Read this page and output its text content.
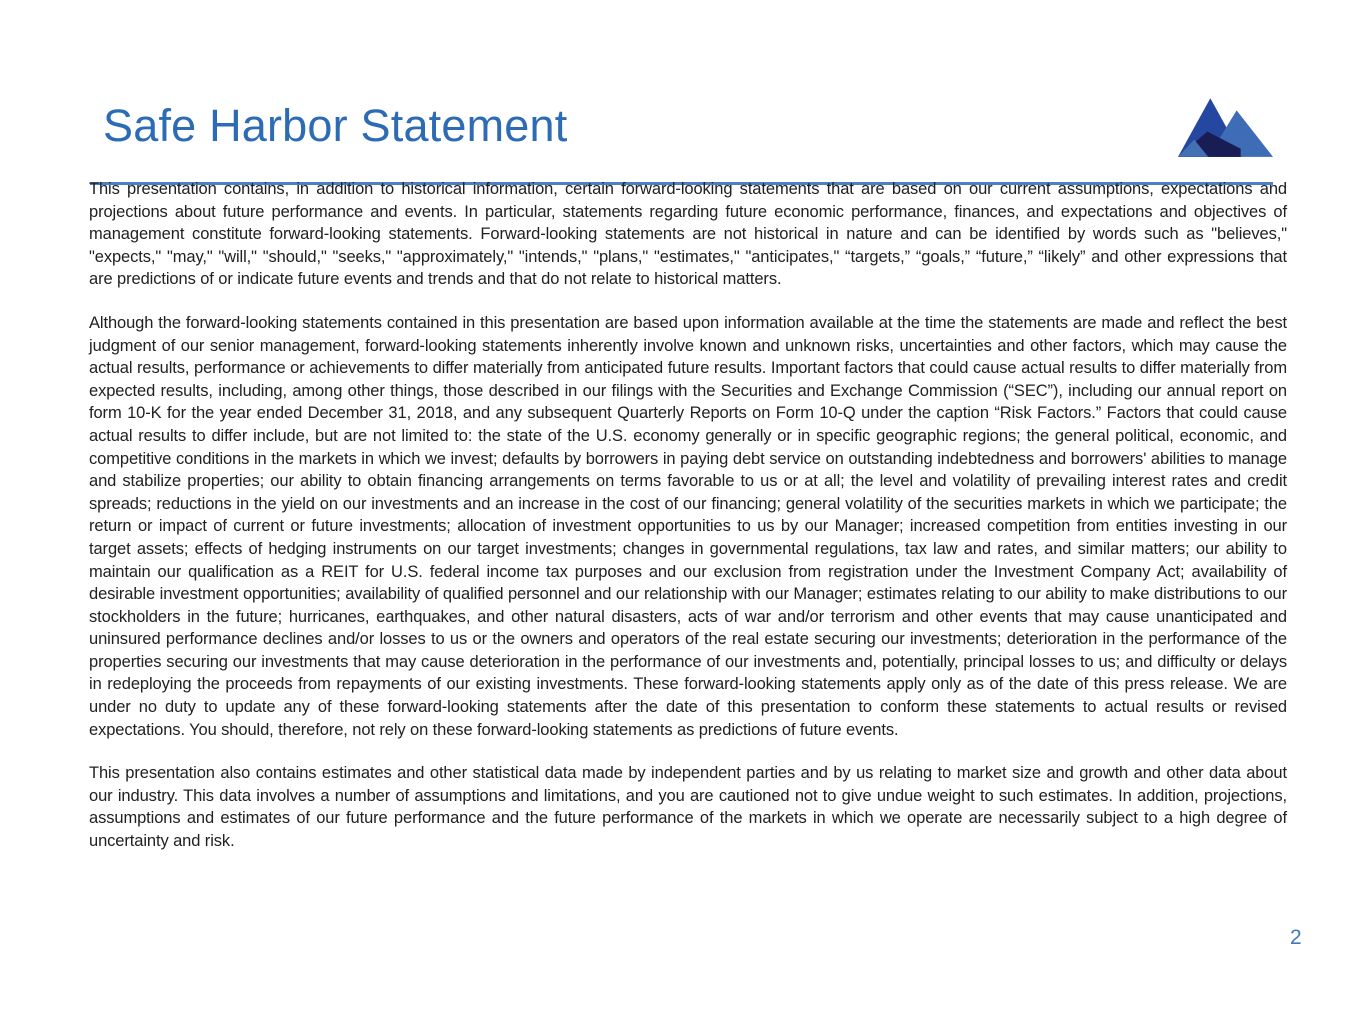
Safe Harbor Statement

This presentation contains, in addition to historical information, certain forward-looking statements that are based on our current assumptions, expectations and projections about future performance and events. In particular, statements regarding future economic performance, finances, and expectations and objectives of management constitute forward-looking statements. Forward-looking statements are not historical in nature and can be identified by words such as "believes," "expects," "may," "will," "should," "seeks," "approximately," "intends," "plans," "estimates," "anticipates," “targets,” “goals,” “future,” “likely” and other expressions that are predictions of or indicate future events and trends and that do not relate to historical matters.

Although the forward-looking statements contained in this presentation are based upon information available at the time the statements are made and reflect the best judgment of our senior management, forward-looking statements inherently involve known and unknown risks, uncertainties and other factors, which may cause the actual results, performance or achievements to differ materially from anticipated future results. Important factors that could cause actual results to differ materially from expected results, including, among other things, those described in our filings with the Securities and Exchange Commission (“SEC”), including our annual report on form 10-K for the year ended December 31, 2018, and any subsequent Quarterly Reports on Form 10-Q under the caption “Risk Factors.” Factors that could cause actual results to differ include, but are not limited to: the state of the U.S. economy generally or in specific geographic regions; the general political, economic, and competitive conditions in the markets in which we invest; defaults by borrowers in paying debt service on outstanding indebtedness and borrowers' abilities to manage and stabilize properties; our ability to obtain financing arrangements on terms favorable to us or at all; the level and volatility of prevailing interest rates and credit spreads; reductions in the yield on our investments and an increase in the cost of our financing; general volatility of the securities markets in which we participate; the return or impact of current or future investments; allocation of investment opportunities to us by our Manager; increased competition from entities investing in our target assets; effects of hedging instruments on our target investments; changes in governmental regulations, tax law and rates, and similar matters; our ability to maintain our qualification as a REIT for U.S. federal income tax purposes and our exclusion from registration under the Investment Company Act; availability of desirable investment opportunities; availability of qualified personnel and our relationship with our Manager; estimates relating to our ability to make distributions to our stockholders in the future; hurricanes, earthquakes, and other natural disasters, acts of war and/or terrorism and other events that may cause unanticipated and uninsured performance declines and/or losses to us or the owners and operators of the real estate securing our investments; deterioration in the performance of the properties securing our investments that may cause deterioration in the performance of our investments and, potentially, principal losses to us; and difficulty or delays in redeploying the proceeds from repayments of our existing investments. These forward-looking statements apply only as of the date of this press release. We are under no duty to update any of these forward-looking statements after the date of this presentation to conform these statements to actual results or revised expectations. You should, therefore, not rely on these forward-looking statements as predictions of future events.

This presentation also contains estimates and other statistical data made by independent parties and by us relating to market size and growth and other data about our industry. This data involves a number of assumptions and limitations, and you are cautioned not to give undue weight to such estimates. In addition, projections, assumptions and estimates of our future performance and the future performance of the markets in which we operate are necessarily subject to a high degree of uncertainty and risk.

2
